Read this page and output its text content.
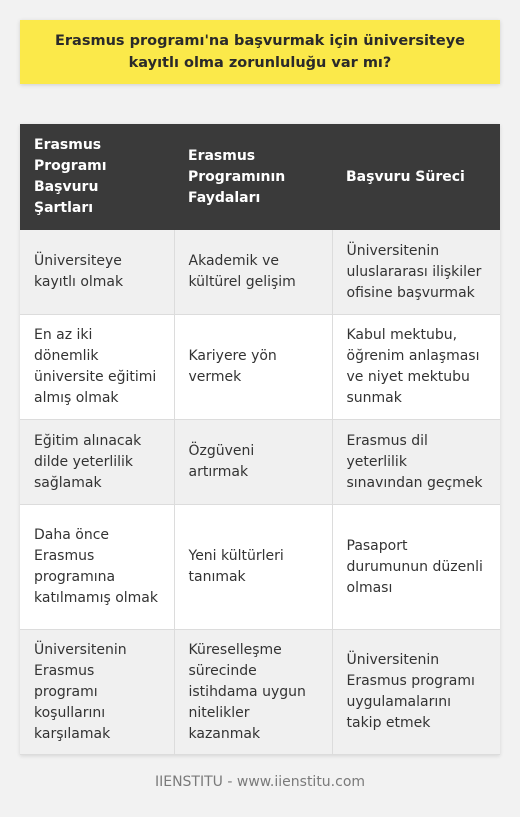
Erasmus programı'na başvurmak için üniversiteye kayıtlı olma zorunluluğu var mı?
Erasmus Programı Başvuru Şartları	Erasmus Programının Faydaları	Başvuru Süreci
Üniversiteye kayıtlı olmak	Akademik ve kültürel gelişim	Üniversitenin uluslararası ilişkiler ofisine başvurmak
En az iki dönemlik üniversite eğitimi almış olmak	Kariyere yön vermek	Kabul mektubu, öğrenim anlaşması ve niyet mektubu sunmak
Eğitim alınacak dilde yeterlilik sağlamak	Özgüveni artırmak	Erasmus dil yeterlilik sınavından geçmek
Daha önce Erasmus programına katılmamış olmak	Yeni kültürleri tanımak	Pasaport durumunun düzenli olması
Üniversitenin Erasmus programı koşullarını karşılamak	Küreselleşme sürecinde istihdama uygun nitelikler kazanmak	Üniversitenin Erasmus programı uygulamalarını takip etmek
IIENSTITU - www.iienstitu.com
